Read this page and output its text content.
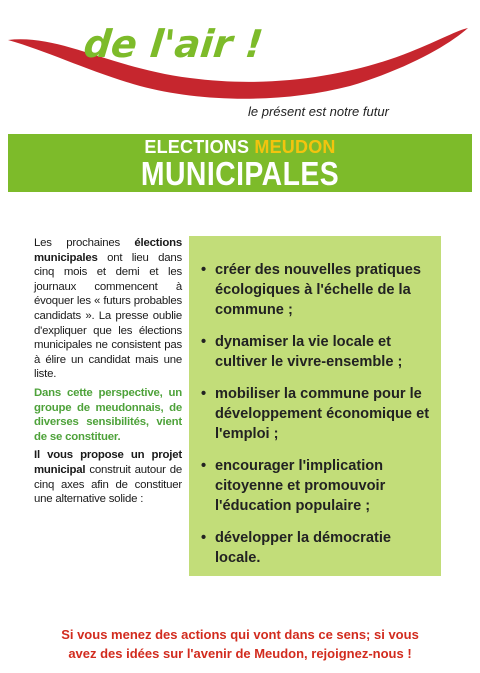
de l'air !
le présent est notre futur
ELECTIONS MEUDON
MUNICIPALES

Les prochaines élections municipales ont lieu dans cinq mois et demi et les journaux commencent à évoquer les « futurs probables candidats ». La presse oublie d'expliquer que les élections municipales ne consistent pas à élire un candidat mais une liste.

Dans cette perspective, un groupe de meudonnais, de diverses sensibilités, vient de se constituer.

Il vous propose un projet municipal construit autour de cinq axes afin de constituer une alternative solide :

• créer des nouvelles pratiques écologiques à l'échelle de la commune ;
• dynamiser la vie locale et cultiver le vivre-ensemble ;
• mobiliser la commune pour le développement économique et l'emploi ;
• encourager l'implication citoyenne et promouvoir l'éducation populaire ;
• développer la démocratie locale.
Si vous menez des actions qui vont dans ce sens; si vous
avez des idées sur l'avenir de Meudon, rejoignez-nous !
